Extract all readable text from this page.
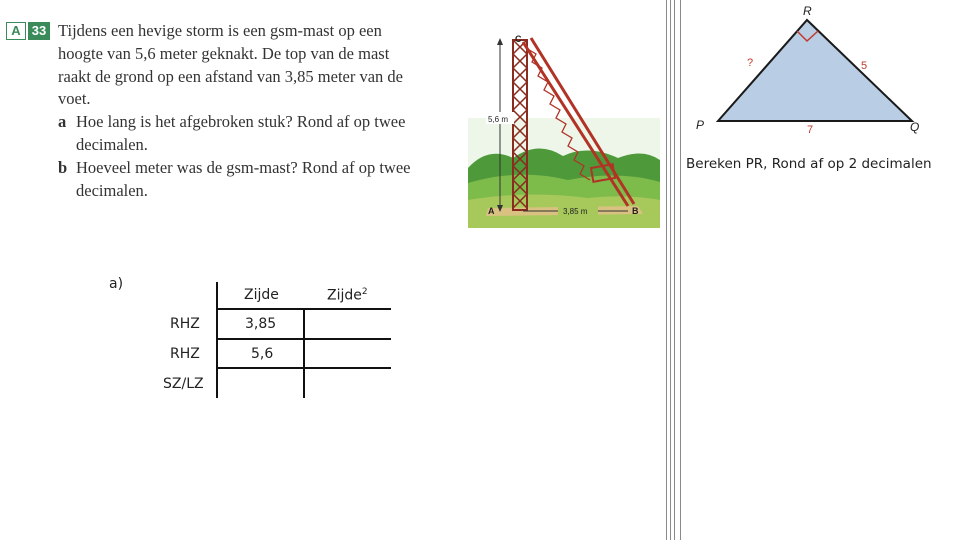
A 33 Tijdens een hevige storm is een gsm-mast op een
hoogte van 5,6 meter geknakt. De top van de mast
raakt de grond op een afstand van 3,85 meter van de
voet.
a Hoe lang is het afgebroken stuk? Rond af op twee
decimalen.
b Hoeveel meter was de gsm-mast? Rond af op twee
decimalen.
C
A	B
5,6 m
3,85 m
R
P	Q
?	5
7
Bereken PR, Rond af op 2 decimalen
a)
Zijde	Zijde$^2$
RHZ	3,85
RHZ	5,6
SZ/LZ
